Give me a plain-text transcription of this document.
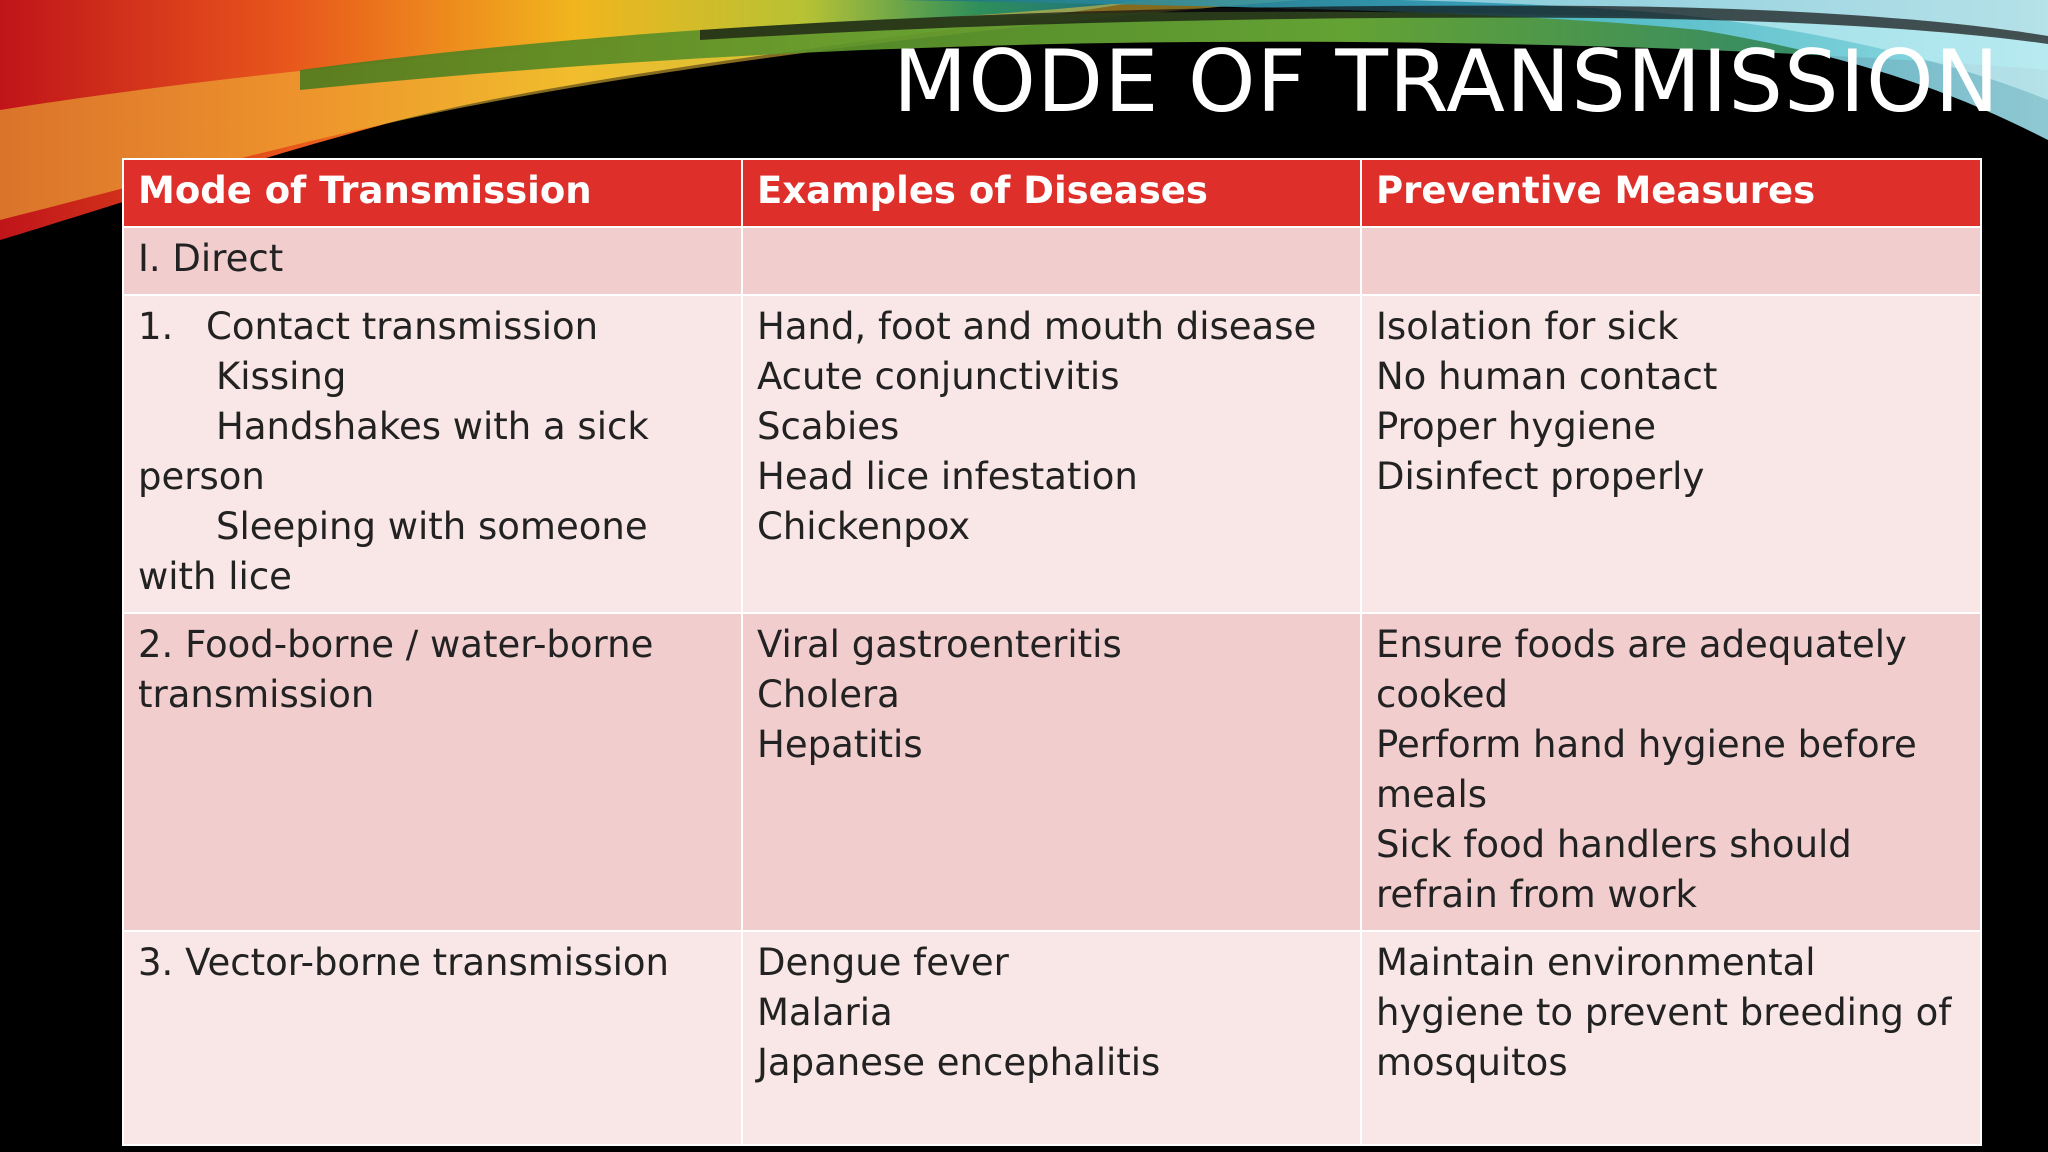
MODE OF TRANSMISSION
Mode of Transmission	Examples of Diseases	Preventive Measures
I. Direct		

1. Contact transmission
Kissing
Handshakes with a sick person
Sleeping with someone with lice	Hand, foot and mouth disease
Acute conjunctivitis
Scabies
Head lice infestation
Chickenpox	Isolation for sick
No human contact
Proper hygiene
Disinfect properly

2. Food-borne / water-borne transmission	Viral gastroenteritis
Cholera
Hepatitis	Ensure foods are adequately cooked
Perform hand hygiene before meals
Sick food handlers should refrain from work

3. Vector-borne transmission	Dengue fever
Malaria
Japanese encephalitis	Maintain environmental hygiene to prevent breeding of mosquitos
